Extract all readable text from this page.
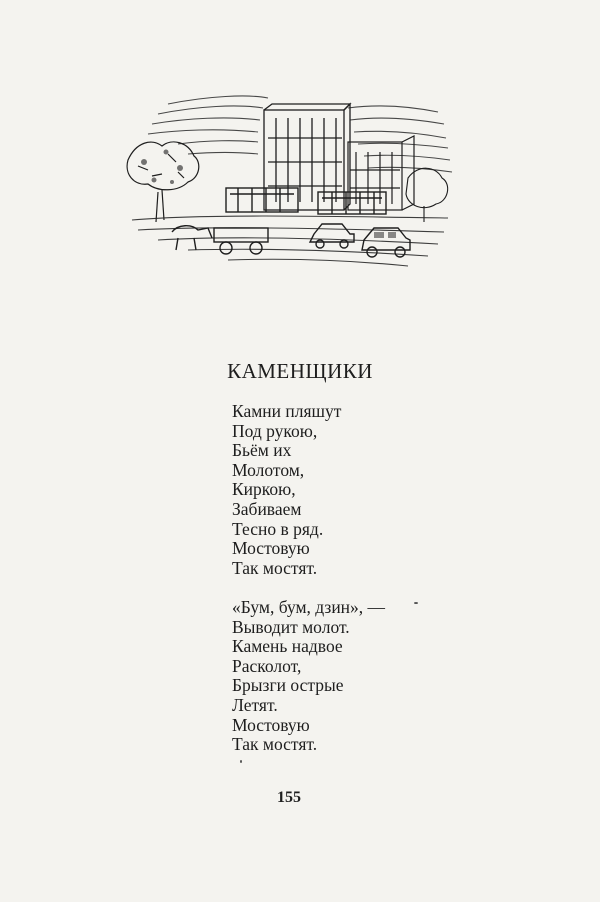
КАМЕНЩИКИ
Камни пляшут
Под рукою,
Бьём их
Молотом,
Киркою,
Забиваем
Тесно в ряд.
Мостовую
Так мостят.
«Бум, бум, дзин», —
Выводит молот.
Камень надвое
Расколот,
Брызги острые
Летят.
Мостовую
Так мостят.
155
